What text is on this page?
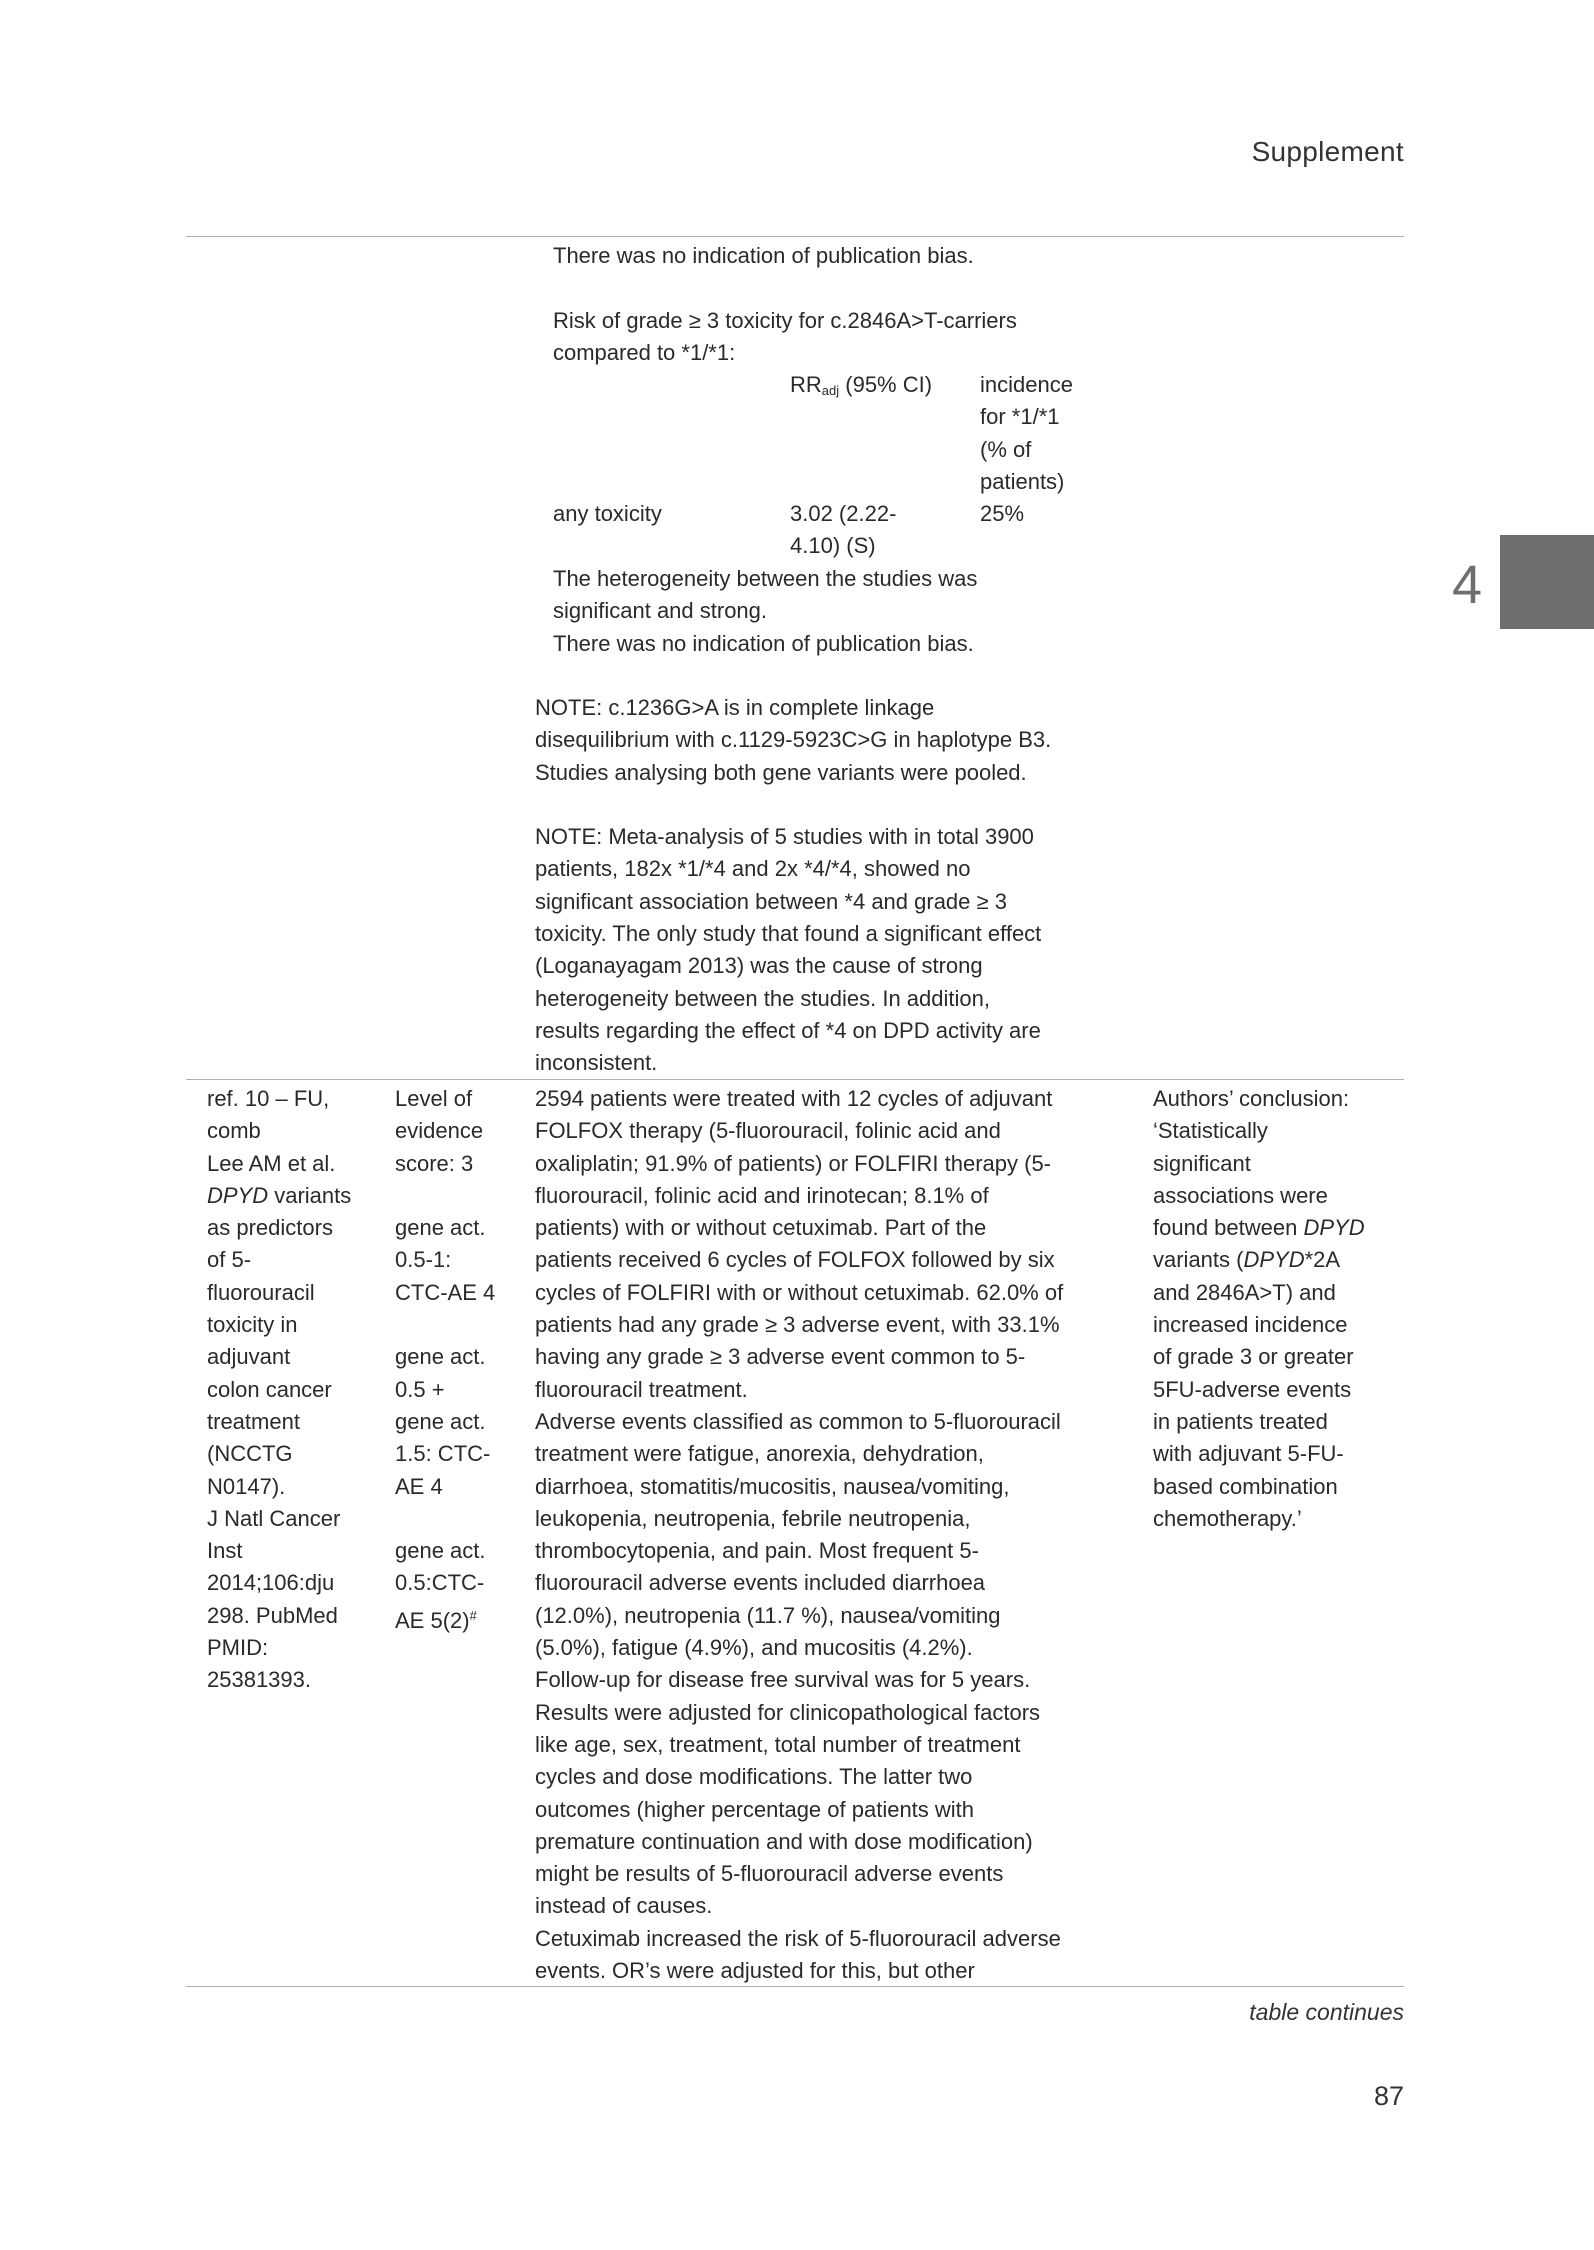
Supplement
4
There was no indication of publication bias.
Risk of grade ≥ 3 toxicity for c.2846A>T-carriers
compared to *1/*1:
$RR_{adj}$ (95% CI) incidence
for *1/*1
(% of
patients)
any toxicity	3.02 (2.22-
4.10) (S)
25%
The heterogeneity between the studies was
significant and strong.
There was no indication of publication bias.
NOTE: c.1236G>A is in complete linkage
disequilibrium with c.1129-5923C>G in haplotype B3.
Studies analysing both gene variants were pooled.
NOTE: Meta-analysis of 5 studies with in total 3900
patients, 182x *1/*4 and 2x *4/*4, showed no
significant association between *4 and grade ≥ 3
toxicity. The only study that found a significant effect
(Loganayagam 2013) was the cause of strong
heterogeneity between the studies. In addition,
results regarding the effect of *4 on DPD activity are
inconsistent.
ref. 10 – FU,
comb
Lee AM et al.
DPYD variants
as predictors
of 5-
fluorouracil
toxicity in
adjuvant
colon cancer
treatment
(NCCTG
N0147).
J Natl Cancer
Inst
2014;106:dju
298. PubMed
PMID:
25381393.
Level of
evidence
score: 3
gene act.
0.5-1:
CTC-AE 4
gene act.
0.5 +
gene act.
1.5: CTC-
AE 4
gene act.
0.5:CTC-
AE 5(2)#
2594 patients were treated with 12 cycles of adjuvant
FOLFOX therapy (5-fluorouracil, folinic acid and
oxaliplatin; 91.9% of patients) or FOLFIRI therapy (5-
fluorouracil, folinic acid and irinotecan; 8.1% of
patients) with or without cetuximab. Part of the
patients received 6 cycles of FOLFOX followed by six
cycles of FOLFIRI with or without cetuximab. 62.0% of
patients had any grade ≥ 3 adverse event, with 33.1%
having any grade ≥ 3 adverse event common to 5-
fluorouracil treatment.
Adverse events classified as common to 5-fluorouracil
treatment were fatigue, anorexia, dehydration,
diarrhoea, stomatitis/mucositis, nausea/vomiting,
leukopenia, neutropenia, febrile neutropenia,
thrombocytopenia, and pain. Most frequent 5-
fluorouracil adverse events included diarrhoea
(12.0%), neutropenia (11.7 %), nausea/vomiting
(5.0%), fatigue (4.9%), and mucositis (4.2%).
Follow-up for disease free survival was for 5 years.
Results were adjusted for clinicopathological factors
like age, sex, treatment, total number of treatment
cycles and dose modifications. The latter two
outcomes (higher percentage of patients with
premature continuation and with dose modification)
might be results of 5-fluorouracil adverse events
instead of causes.
Cetuximab increased the risk of 5-fluorouracil adverse
events. OR’s were adjusted for this, but other
Authors’ conclusion:
‘Statistically
significant
associations were
found between DPYD
variants (DPYD*2A
and 2846A>T) and
increased incidence
of grade 3 or greater
5FU-adverse events
in patients treated
with adjuvant 5-FU-
based combination
chemotherapy.’
table continues
87
